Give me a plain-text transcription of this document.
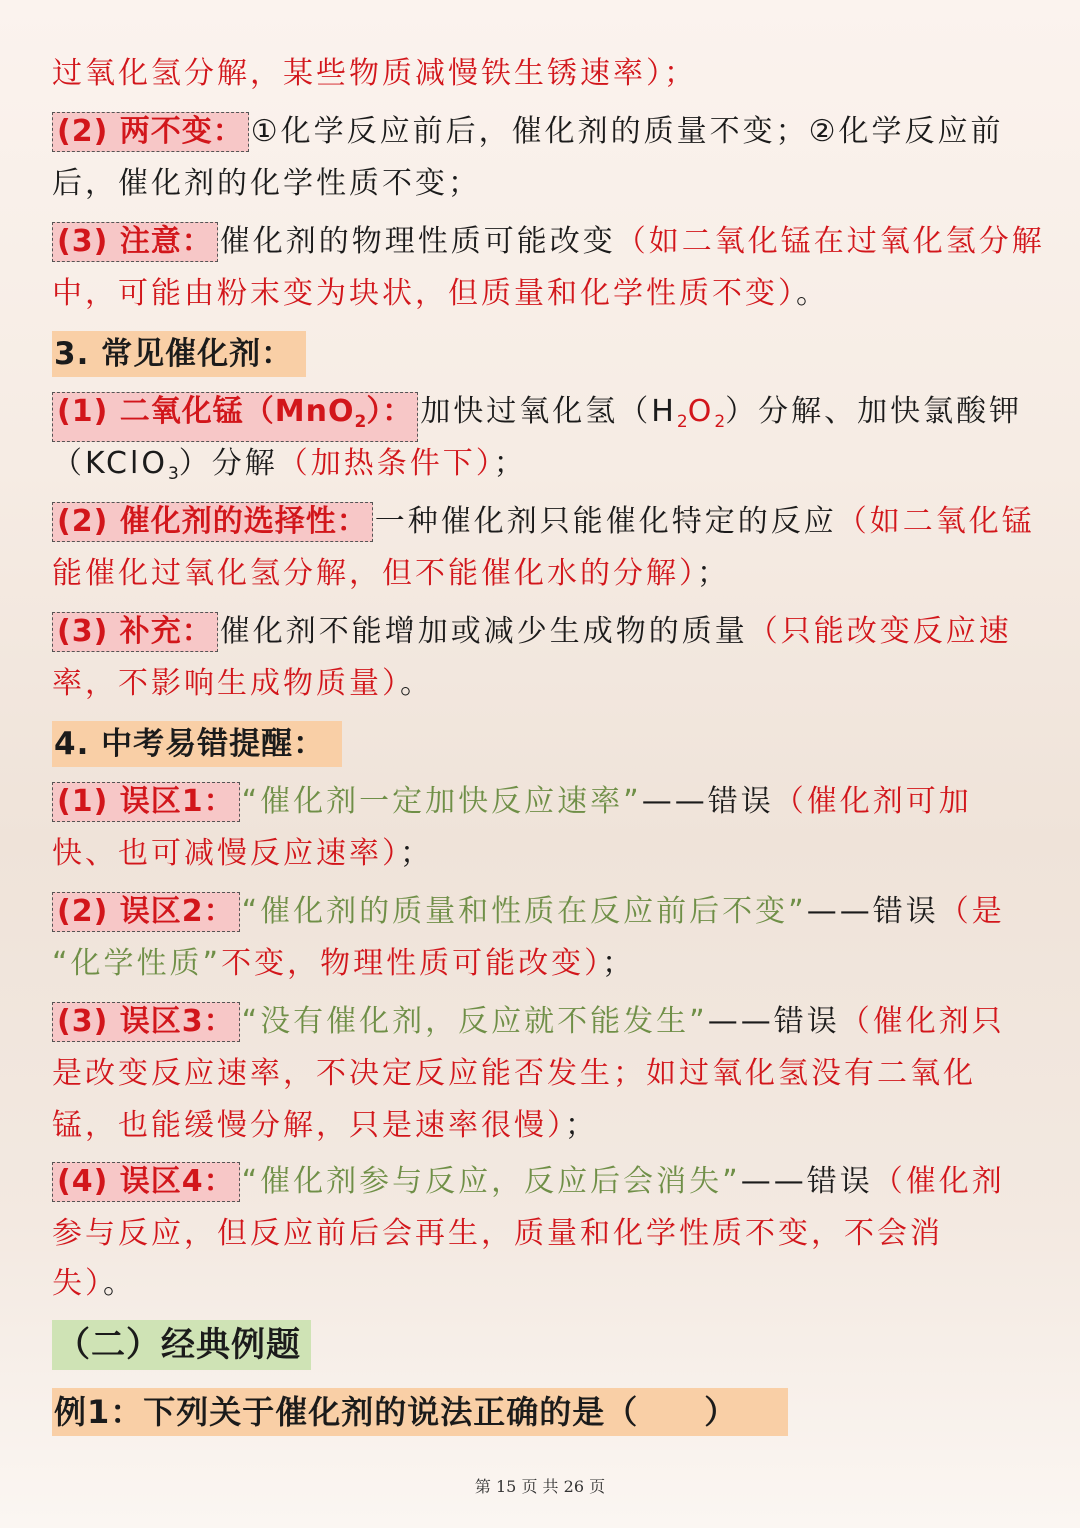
过氧化氢分解，某些物质减慢铁生锈速率）；
(2) 两不变： ①化学反应前后，催化剂的质量不变；②化学反应前
后，催化剂的化学性质不变；
(3) 注意： 催化剂的物理性质可能改变（如二氧化锰在过氧化氢分解
中，可能由粉末变为块状，但质量和化学性质不变）。
3. 常见催化剂：
(1) 二氧化锰（MnO$_2$）： 加快过氧化氢$(H_2O_2)$分解、加快氯酸钾
（KClO$_3$）分解（加热条件下）；
(2) 催化剂的选择性： 一种催化剂只能催化特定的反应（如二氧化锰
能催化过氧化氢分解，但不能催化水的分解）；
(3) 补充： 催化剂不能增加或减少生成物的质量（只能改变反应速
率，不影响生成物质量）。
4. 中考易错提醒：
(1) 误区1： “催化剂一定加快反应速率”——错误（催化剂可加
快、也可减慢反应速率）；
(2) 误区2： “催化剂的质量和性质在反应前后不变”——错误（是
“化学性质”不变，物理性质可能改变）；
(3) 误区3： “没有催化剂，反应就不能发生”——错误（催化剂只
是改变反应速率，不决定反应能否发生；如过氧化氢没有二氧化
锰，也能缓慢分解，只是速率很慢）；
(4) 误区4： “催化剂参与反应，反应后会消失”——错误（催化剂
参与反应，但反应前后会再生，质量和化学性质不变，不会消
失）。
（二）经典例题
例1：下列关于催化剂的说法正确的是（　　）
第 15 页 共 26 页
